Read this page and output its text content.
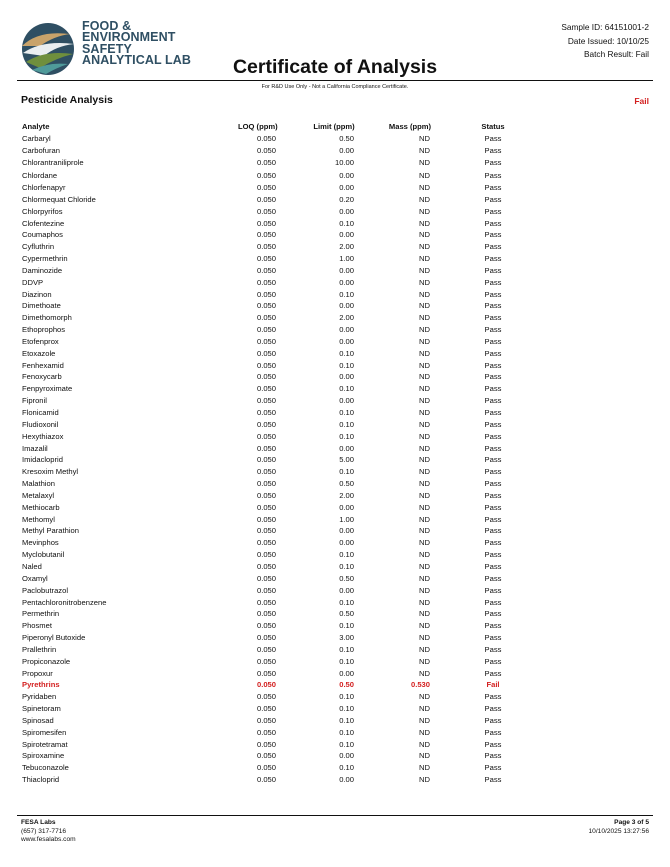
FOOD &
ENVIRONMENT
SAFETY
ANALYTICAL LAB
Sample ID: 64151001-2
Date Issued: 10/10/25
Batch Result: Fail
Certificate of Analysis
For R&D Use Only - Not a California Compliance Certificate.
Pesticide Analysis	Fail
Analyte	LOQ (ppm)	Limit (ppm)	Mass (ppm)	Status
Carbaryl	0.050	0.50	ND	Pass
Carbofuran	0.050	0.00	ND	Pass
Chlorantraniliprole	0.050	10.00	ND	Pass
Chlordane	0.050	0.00	ND	Pass
Chlorfenapyr	0.050	0.00	ND	Pass
Chlormequat Chloride	0.050	0.20	ND	Pass
Chlorpyrifos	0.050	0.00	ND	Pass
Clofentezine	0.050	0.10	ND	Pass
Coumaphos	0.050	0.00	ND	Pass
Cyfluthrin	0.050	2.00	ND	Pass
Cypermethrin	0.050	1.00	ND	Pass
Daminozide	0.050	0.00	ND	Pass
DDVP	0.050	0.00	ND	Pass
Diazinon	0.050	0.10	ND	Pass
Dimethoate	0.050	0.00	ND	Pass
Dimethomorph	0.050	2.00	ND	Pass
Ethoprophos	0.050	0.00	ND	Pass
Etofenprox	0.050	0.00	ND	Pass
Etoxazole	0.050	0.10	ND	Pass
Fenhexamid	0.050	0.10	ND	Pass
Fenoxycarb	0.050	0.00	ND	Pass
Fenpyroximate	0.050	0.10	ND	Pass
Fipronil	0.050	0.00	ND	Pass
Flonicamid	0.050	0.10	ND	Pass
Fludioxonil	0.050	0.10	ND	Pass
Hexythiazox	0.050	0.10	ND	Pass
Imazalil	0.050	0.00	ND	Pass
Imidacloprid	0.050	5.00	ND	Pass
Kresoxim Methyl	0.050	0.10	ND	Pass
Malathion	0.050	0.50	ND	Pass
Metalaxyl	0.050	2.00	ND	Pass
Methiocarb	0.050	0.00	ND	Pass
Methomyl	0.050	1.00	ND	Pass
Methyl Parathion	0.050	0.00	ND	Pass
Mevinphos	0.050	0.00	ND	Pass
Myclobutanil	0.050	0.10	ND	Pass
Naled	0.050	0.10	ND	Pass
Oxamyl	0.050	0.50	ND	Pass
Paclobutrazol	0.050	0.00	ND	Pass
Pentachloronitrobenzene	0.050	0.10	ND	Pass
Permethrin	0.050	0.50	ND	Pass
Phosmet	0.050	0.10	ND	Pass
Piperonyl Butoxide	0.050	3.00	ND	Pass
Prallethrin	0.050	0.10	ND	Pass
Propiconazole	0.050	0.10	ND	Pass
Propoxur	0.050	0.00	ND	Pass
Pyrethrins	0.050	0.50	0.530	Fail
Pyridaben	0.050	0.10	ND	Pass
Spinetoram	0.050	0.10	ND	Pass
Spinosad	0.050	0.10	ND	Pass
Spiromesifen	0.050	0.10	ND	Pass
Spirotetramat	0.050	0.10	ND	Pass
Spiroxamine	0.050	0.00	ND	Pass
Tebuconazole	0.050	0.10	ND	Pass
Thiacloprid	0.050	0.00	ND	Pass
FESA Labs
(657) 317-7716
www.fesalabs.com
Page 3 of 5
10/10/2025 13:27:56
